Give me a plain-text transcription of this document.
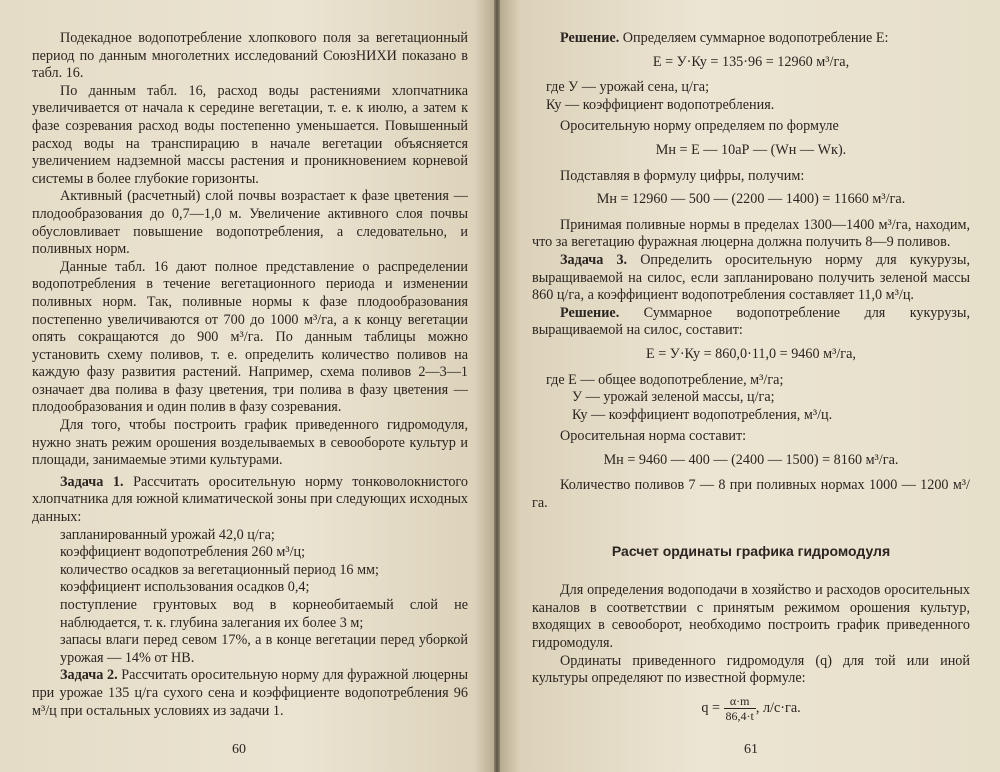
Подекадное водопотребление хлопкового поля за вегетационный период по данным многолетних исследований СоюзНИХИ показано в табл. 16.

По данным табл. 16, расход воды растениями хлопчатника увеличивается от начала к середине вегетации, т. е. к июлю, а затем к фазе созревания расход воды постепенно уменьшается. Повышенный расход воды на транспирацию в начале вегетации объясняется увеличением надземной массы растения и проникновением корневой системы в более глубокие горизонты.

Активный (расчетный) слой почвы возрастает к фазе цветения — плодообразования до 0,7—1,0 м. Увеличение активного слоя почвы обусловливает повышение водопотребления, а следовательно, и поливных норм.

Данные табл. 16 дают полное представление о распределении водопотребления в течение вегетационного периода и изменении поливных норм. Так, поливные нормы к фазе плодообразования постепенно увеличиваются от 700 до 1000 м³/га, а к концу вегетации опять сокращаются до 900 м³/га. По данным таблицы можно установить схему поливов, т. е. определить количество поливов на каждую фазу развития растений. Например, схема поливов 2—3—1 означает два полива в фазу цветения, три полива в фазу цветения — плодообразования и один полив в фазу созревания.

Для того, чтобы построить график приведенного гидромодуля, нужно знать режим орошения возделываемых в севообороте культур и площади, занимаемые этими культурами.

Задача 1. Рассчитать оросительную норму тонковолокнистого хлопчатника для южной климатической зоны при следующих исходных данных:

запланированный урожай 42,0 ц/га;

коэффициент водопотребления 260 м³/ц;

количество осадков за вегетационный период 16 мм;

коэффициент использования осадков 0,4;

поступление грунтовых вод в корнеобитаемый слой не наблюдается, т. к. глубина залегания их более 3 м;

запасы влаги перед севом 17%, а в конце вегетации перед уборкой урожая — 14% от НВ.

Задача 2. Рассчитать оросительную норму для фуражной люцерны при урожае 135 ц/га сухого сена и коэффициенте водопотребления 96 м³/ц при остальных условиях из задачи 1.

Решение. Определяем суммарное водопотребление Е:

Е = У·Ку = 135·96 = 12960 м³/га,

где У — урожай сена, ц/га;

Ку — коэффициент водопотребления.

Оросительную норму определяем по формуле

Мн = Е — 10аР — (Wн — Wк).

Подставляя в формулу цифры, получим:

Мн = 12960 — 500 — (2200 — 1400) = 11660 м³/га.

Принимая поливные нормы в пределах 1300—1400 м³/га, находим, что за вегетацию фуражная люцерна должна получить 8—9 поливов.

Задача 3. Определить оросительную норму для кукурузы, выращиваемой на силос, если запланировано получить зеленой массы 860 ц/га, а коэффициент водопотребления составляет 11,0 м³/ц.

Решение. Суммарное водопотребление для кукурузы, выращиваемой на силос, составит:

Е = У·Ку = 860,0·11,0 = 9460 м³/га,

где Е — общее водопотребление, м³/га;

У — урожай зеленой массы, ц/га;

Ку — коэффициент водопотребления, м³/ц.

Оросительная норма составит:

Мн = 9460 — 400 — (2400 — 1500) = 8160 м³/га.

Количество поливов 7 — 8 при поливных нормах 1000 — 1200 м³/га.

Расчет ординаты графика гидромодуля

Для определения водоподачи в хозяйство и расходов оросительных каналов в соответствии с принятым режимом орошения культур, входящих в севооборот, необходимо построить график приведенного гидромодуля.

Ординаты приведенного гидромодуля (q) для той или иной культуры определяют по известной формуле:

$q = \frac{\alpha\cdot m}{86,4\cdot t}$ , л/с·га.

60	61
